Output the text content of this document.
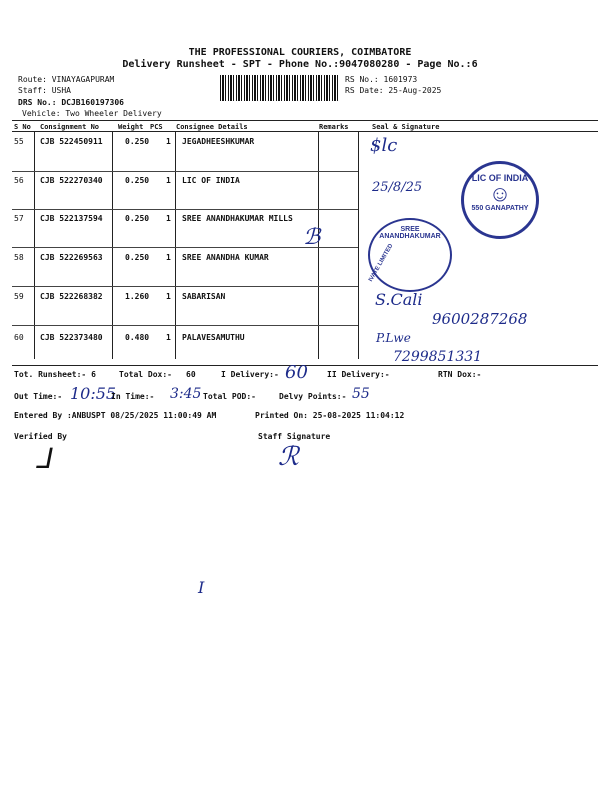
THE PROFESSIONAL COURIERS, COIMBATORE
Delivery Runsheet - SPT - Phone No.:9047080280 - Page No.:6
Route: VINAYAGAPURAM
Staff: USHA
DRS No.: DCJB160197306
Vehicle: Two Wheeler Delivery
RS No.: 1601973
RS Date: 25-Aug-2025
S No Consignment No	Weight PCS Consignee Details	Remarks	Seal & Signature
55 CJB 522450911	0.250 1 JEGADHEESHKUMAR
56 CJB 522270340	0.250 1 LIC OF INDIA
57 CJB 522137594	0.250 1 SREE ANANDHAKUMAR MILLS
58 CJB 522269563	0.250 1 SREE ANANDHA KUMAR
59 CJB 522268382	1.260 1 SABARISAN
60 CJB 522373480	0.480 1 PALAVESAMUTHU
LIC OF INDIA
☺
550 GANAPATHY
SREE ANANDHAKUMAR
IVATE LIMITED
$lc
25/8/25
ℬ
S.Cali
9600287268
P.Lwe
7299851331
Tot. Runsheet:- 6	Total Dox:- 60	I Delivery:- 60 II Delivery:-	RTN Dox:-
Out Time:- 10:55
In Time:- 3:45 Total POD:-	Delvy Points:- 55
Entered By :ANBUSPT 08/25/2025 11:00:49 AM	Printed On: 25-08-2025 11:04:12
Verified By	Staff Signature
⅃	ℛ
I
